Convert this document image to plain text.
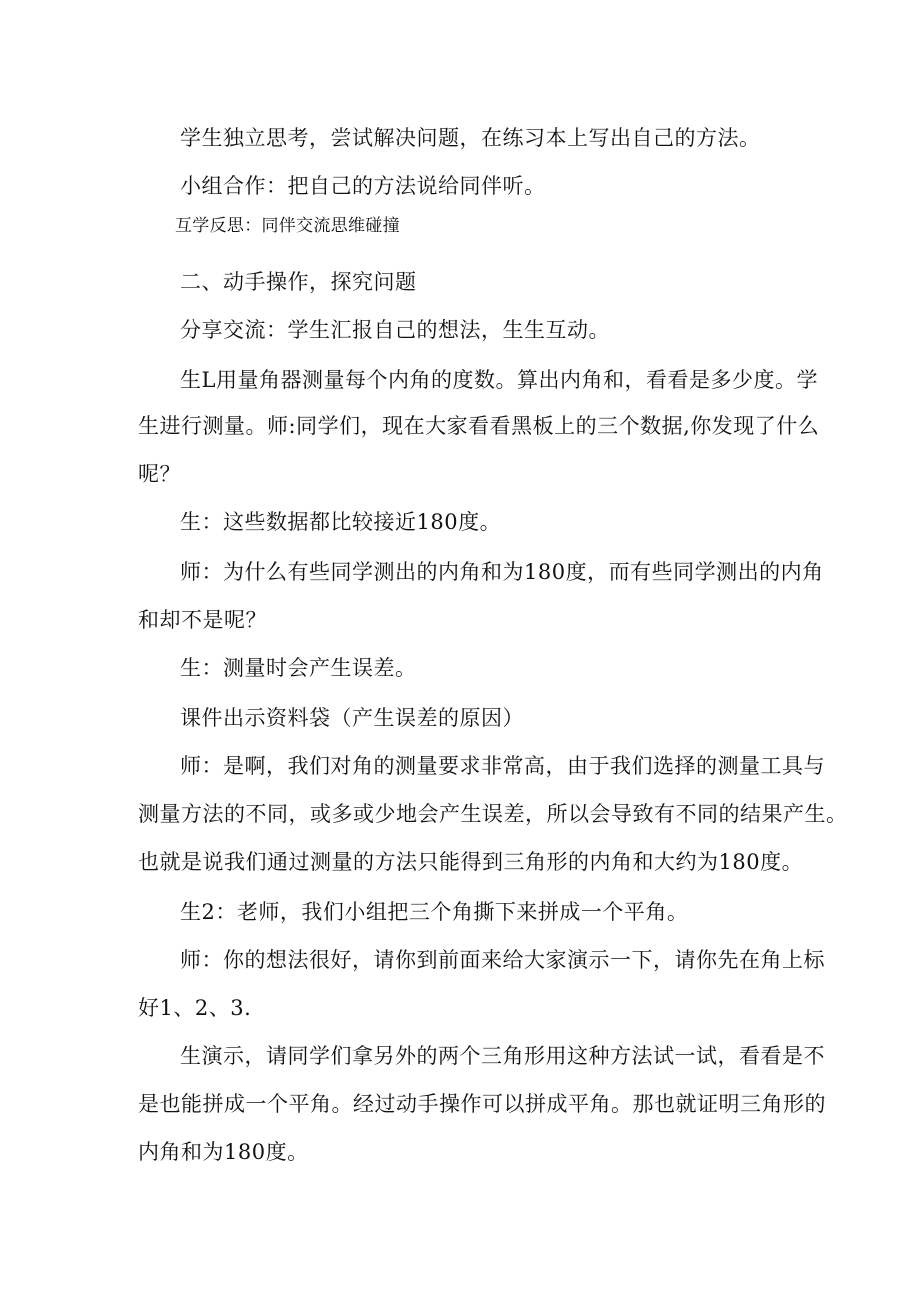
学生独立思考，尝试解决问题，在练习本上写出自己的方法。
小组合作：把自己的方法说给同伴听。
互学反思：同伴交流思维碰撞
二、动手操作，探究问题
分享交流：学生汇报自己的想法，生生互动。
生L用量角器测量每个内角的度数。算出内角和，看看是多少度。学
生进行测量。师:同学们，现在大家看看黑板上的三个数据,你发现了什么
呢？
生：这些数据都比较接近180度。
师：为什么有些同学测出的内角和为180度，而有些同学测出的内角
和却不是呢？
生：测量时会产生误差。
课件出示资料袋（产生误差的原因）
师：是啊，我们对角的测量要求非常高，由于我们选择的测量工具与
测量方法的不同，或多或少地会产生误差，所以会导致有不同的结果产生。
也就是说我们通过测量的方法只能得到三角形的内角和大约为180度。
生2：老师，我们小组把三个角撕下来拼成一个平角。
师：你的想法很好，请你到前面来给大家演示一下，请你先在角上标
好1、2、3.
生演示，请同学们拿另外的两个三角形用这种方法试一试，看看是不
是也能拼成一个平角。经过动手操作可以拼成平角。那也就证明三角形的
内角和为180度。
